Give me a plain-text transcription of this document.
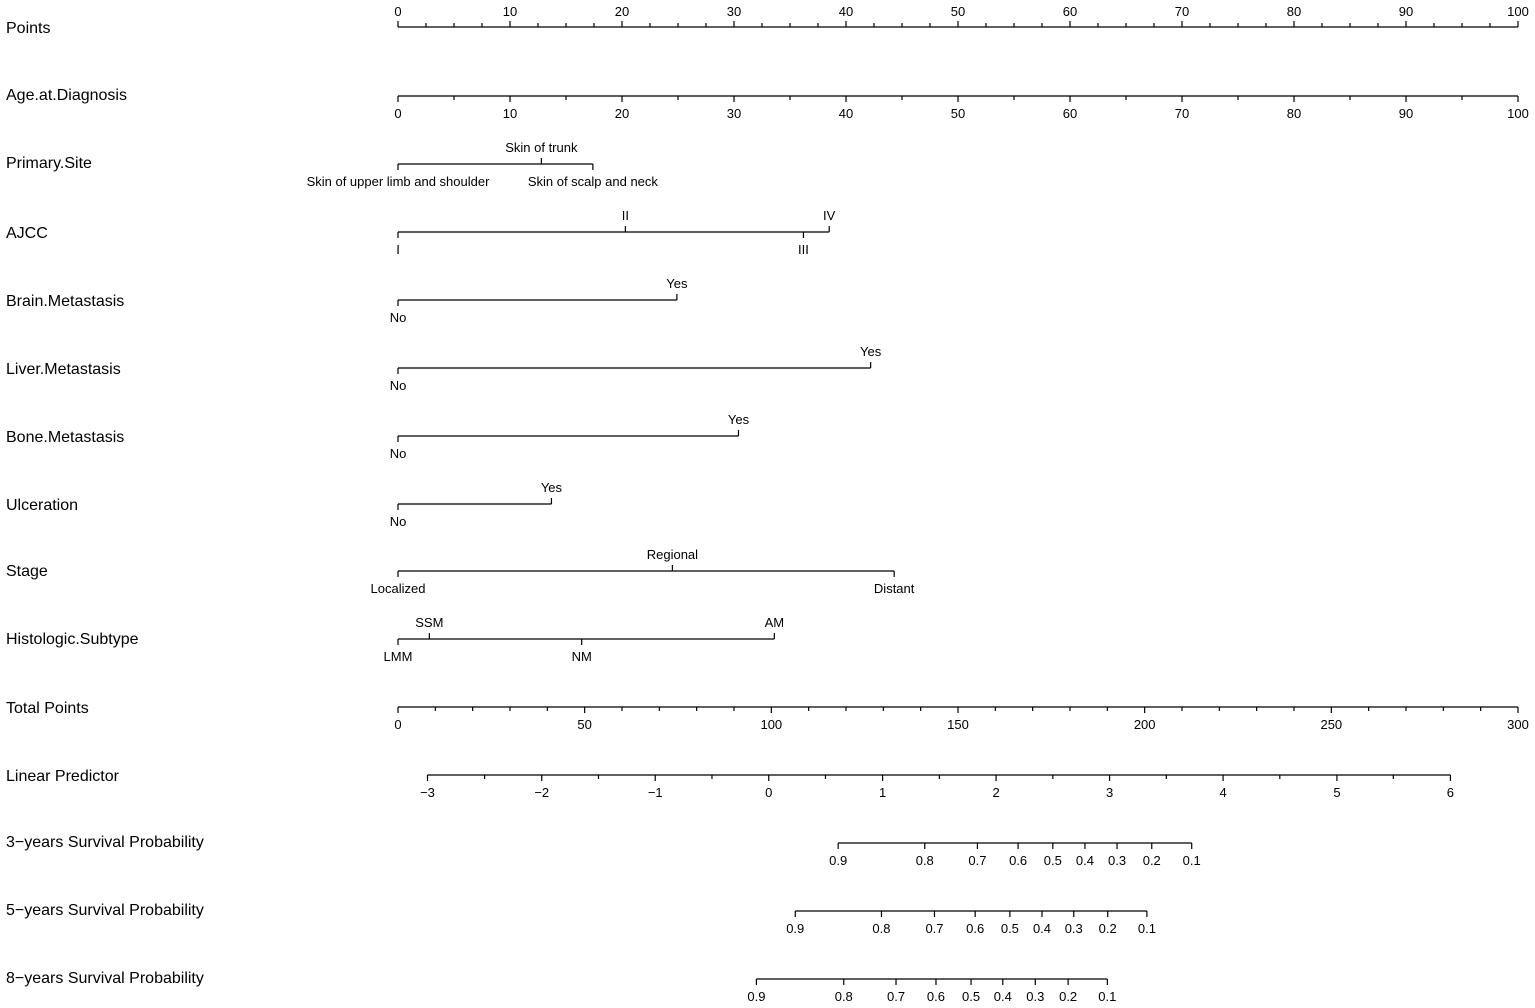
Points
0	10	20	30	40	50	60	70	80	90	100
Age.at.Diagnosis
0	10	20	30	40	50	60	70	80	90	100
Primary.Site
Skin of upper limb and shoulder
Skin of trunk
Skin of scalp and neck
AJCC
I
II
III
IV
Brain.Metastasis
No
Yes
Liver.Metastasis
No
Yes
Bone.Metastasis
No
Yes
Ulceration
No
Yes
Stage
Localized
Regional
Distant
Histologic.Subtype
LMM
SSM
NM
AM
Total Points
0	50	100	150	200	250	300
Linear Predictor
−3	−2	−1	0	1	2	3	4	5	6
3−years Survival Probability
0.9	0.8	0.7 0.6 0.5 0.4 0.3 0.2 0.1
5−years Survival Probability
0.9	0.8	0.7 0.6 0.5 0.4 0.3 0.2 0.1
8−years Survival Probability
0.9	0.8	0.7 0.6 0.5 0.4 0.3 0.2 0.1
